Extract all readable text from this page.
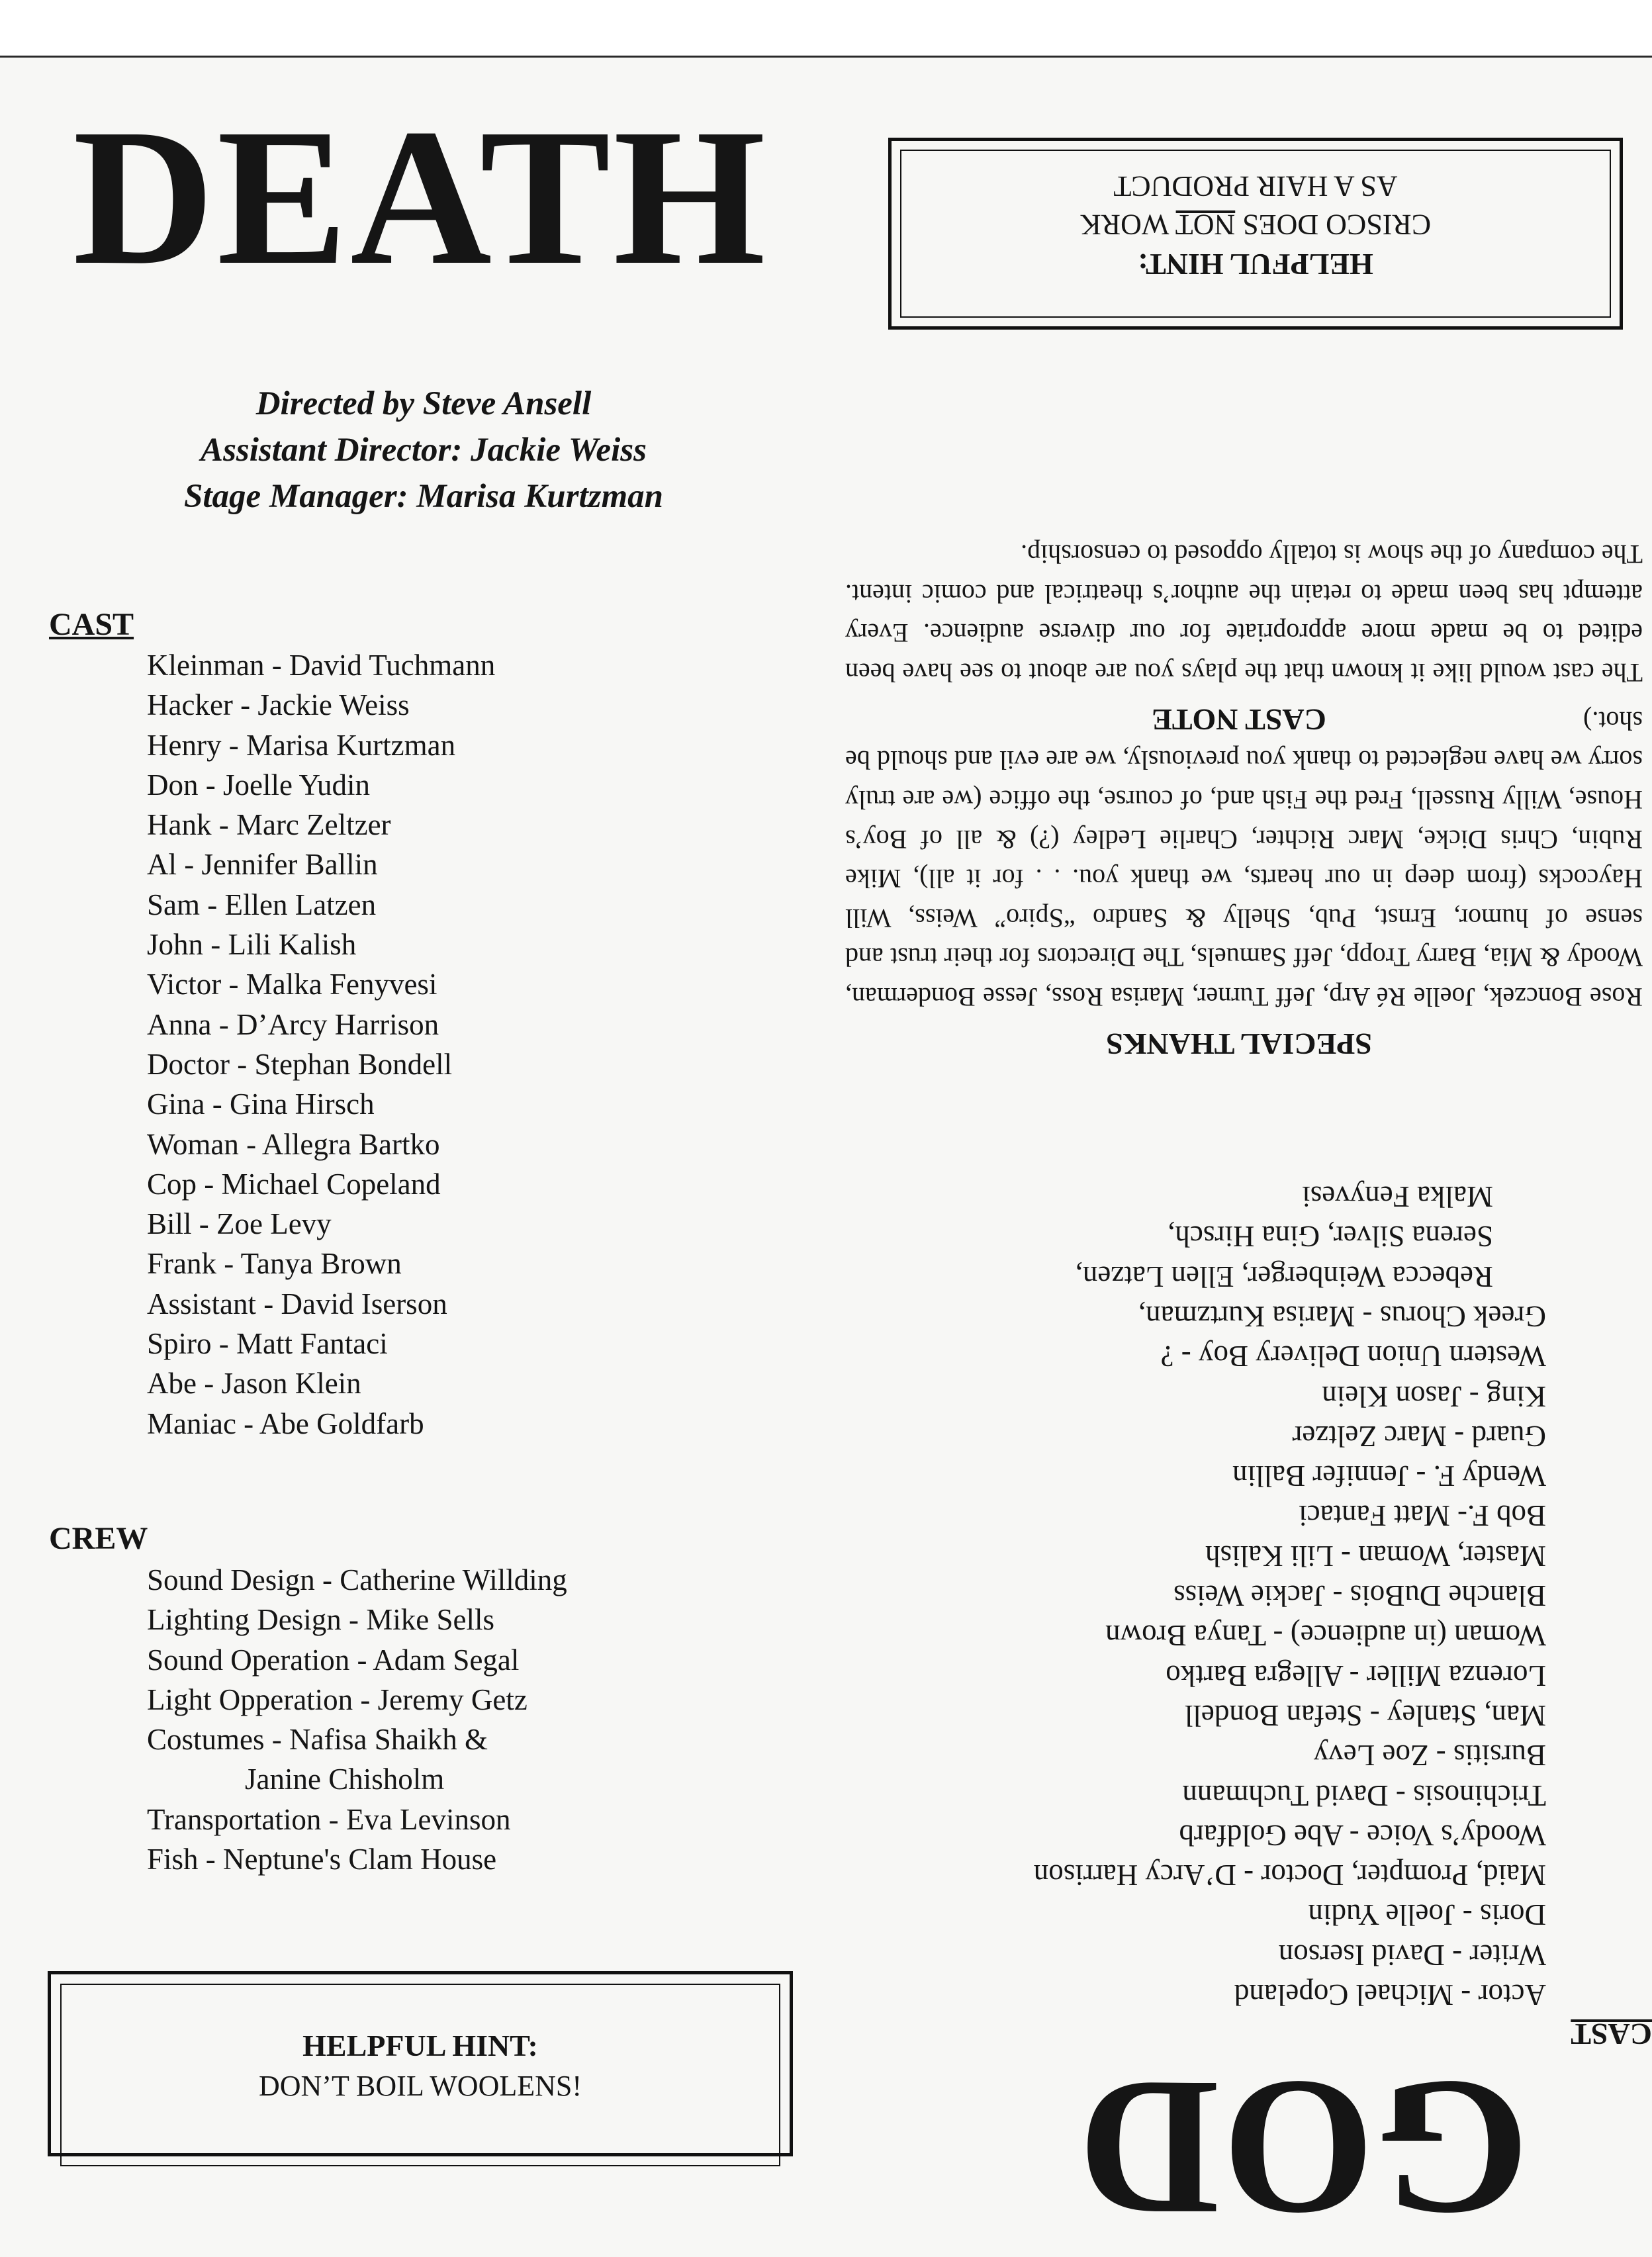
DEATH
Directed by Steve Ansell
Assistant Director: Jackie Weiss
Stage Manager: Marisa Kurtzman
CAST
Kleinman - David Tuchmann
Hacker - Jackie Weiss
Henry - Marisa Kurtzman
Don - Joelle Yudin
Hank - Marc Zeltzer
Al - Jennifer Ballin
Sam - Ellen Latzen
John - Lili Kalish
Victor - Malka Fenyvesi
Anna - D’Arcy Harrison
Doctor - Stephan Bondell
Gina - Gina Hirsch
Woman - Allegra Bartko
Cop - Michael Copeland
Bill - Zoe Levy
Frank - Tanya Brown
Assistant - David Iserson
Spiro - Matt Fantaci
Abe - Jason Klein
Maniac - Abe Goldfarb
CREW
Sound Design - Catherine Willding
Lighting Design - Mike Sells
Sound Operation - Adam Segal
Light Opperation - Jeremy Getz
Costumes - Nafisa Shaikh &
Janine Chisholm
Transportation - Eva Levinson
Fish - Neptune's Clam House
HELPFUL HINT:
DON’T BOIL WOOLENS!	GOD
CAST
Actor - Michael Copeland
Writer - David Iserson
Doris - Joelle Yudin
Maid, Prompter, Doctor - D’Arcy Harrison
Woody’s Voice - Abe Goldfarb
Trichinosis - David Tuchmann
Bursitis - Zoe Levy
Man, Stanley - Stefan Bondell
Lorenza Miller - Allegra Bartko
Woman (in audience) - Tanya Brown
Blanche DuBois - Jackie Weiss
Master, Woman - Lili Kalish
Bob F.- Matt Fantaci
Wendy F. - Jennifer Ballin
Guard - Marc Zeltzer
King - Jason Klein
Western Union Delivery Boy - ?
Greek Chorus - Marisa Kurtzman,
Rebecca Weinberger, Ellen Latzen,
Serena Silver, Gina Hirsch,
Malka Fenyvesi
SPECIAL THANKS
Rose Bonczek, Joelle Ré Arp, Jeff Turner, Marisa Ross, Jesse Bonderman, Woody & Mia, Barry Tropp, Jeff Samuels, The Directors for their trust and sense of humor, Ernst, Pub, Shelly & Sandro “Spiro” Weiss, Will Haycocks (from deep in our hearts, we thank you. . . for it all), Mike Rubin, Chris Dicke, Marc Richter, Charlie Ledley (?) & all of Boy’s House, Willy Russell, Fred the Fish and, of course, the office (we are truly sorry we have neglected to thank you previously, we are evil and should be shot.)
CAST NOTE
The cast would like it known that the plays you are about to see have been edited to be made more appropriate for our diverse audience. Every attempt has been made to retain the author’s theatrical and comic intent. The company of the show is totally opposed to censorship.
HELPFUL HINT:
CRISCO DOES NOT WORK
AS A HAIR PRODUCT
